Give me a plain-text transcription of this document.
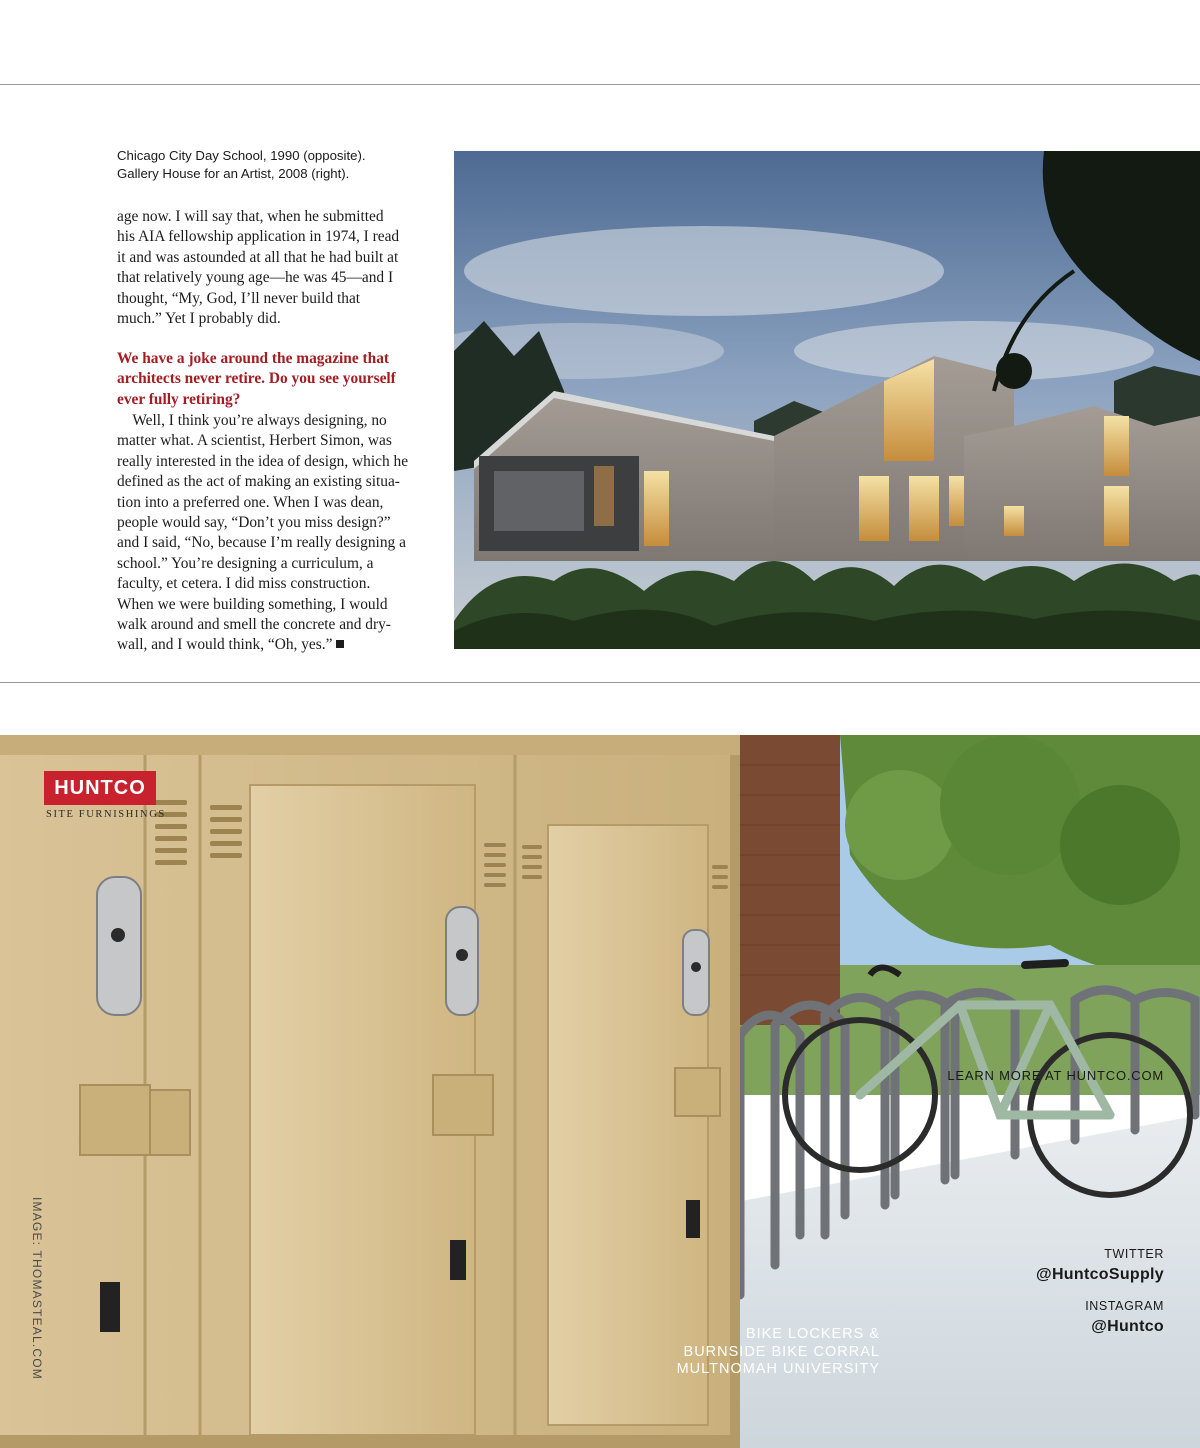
Chicago City Day School, 1990 (opposite).
Gallery House for an Artist, 2008 (right).
age now. I will say that, when he submitted
his AIA fellowship application in 1974, I read
it and was astounded at all that he had built at
that relatively young age—he was 45—and I
thought, “My, God, I’ll never build that
much.” Yet I probably did.
We have a joke around the magazine that
architects never retire. Do you see yourself
ever fully retiring?
 Well, I think you’re always designing, no
matter what. A scientist, Herbert Simon, was
really interested in the idea of design, which he
defined as the act of making an existing situa-
tion into a preferred one. When I was dean,
people would say, “Don’t you miss design?”
and I said, “No, because I’m really designing a
school.” You’re designing a curriculum, a
faculty, et cetera. I did miss construction.
When we were building something, I would
walk around and smell the concrete and dry-
wall, and I would think, “Oh, yes.”
HUNTCO
SITE FURNISHINGS
IMAGE: THOMASTEAL.COM	BIKE LOCKERS &
BURNSIDE BIKE CORRAL
MULTNOMAH UNIVERSITY
TWITTER
@HuntcoSupply
INSTAGRAM
@Huntco
LEARN MORE AT HUNTCO.COM
